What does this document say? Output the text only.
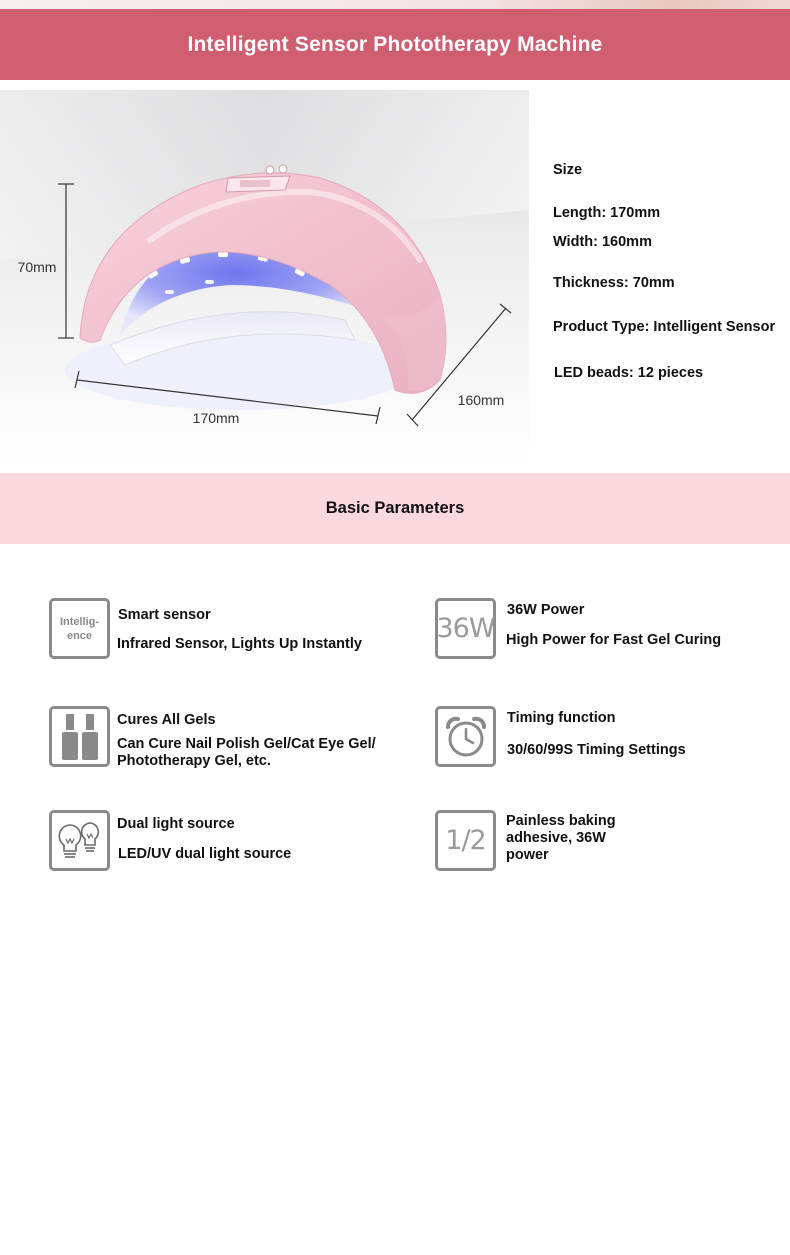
Intelligent Sensor Phototherapy Machine
70mm
170mm
160mm
Size
Length: 170mm
Width: 160mm
Thickness: 70mm
Product Type: Intelligent Sensor
LED beads: 12 pieces
Basic Parameters
Intellig-ence
Smart sensor
Infrared Sensor, Lights Up Instantly	36W
36W Power
High Power for Fast Gel Curing
Cures All Gels
Can Cure Nail Polish Gel/Cat Eye Gel/ Phototherapy Gel, etc.
Timing function
30/60/99S Timing Settings
Dual light source
LED/UV dual light source	1/2
Painless baking adhesive, 36W power
